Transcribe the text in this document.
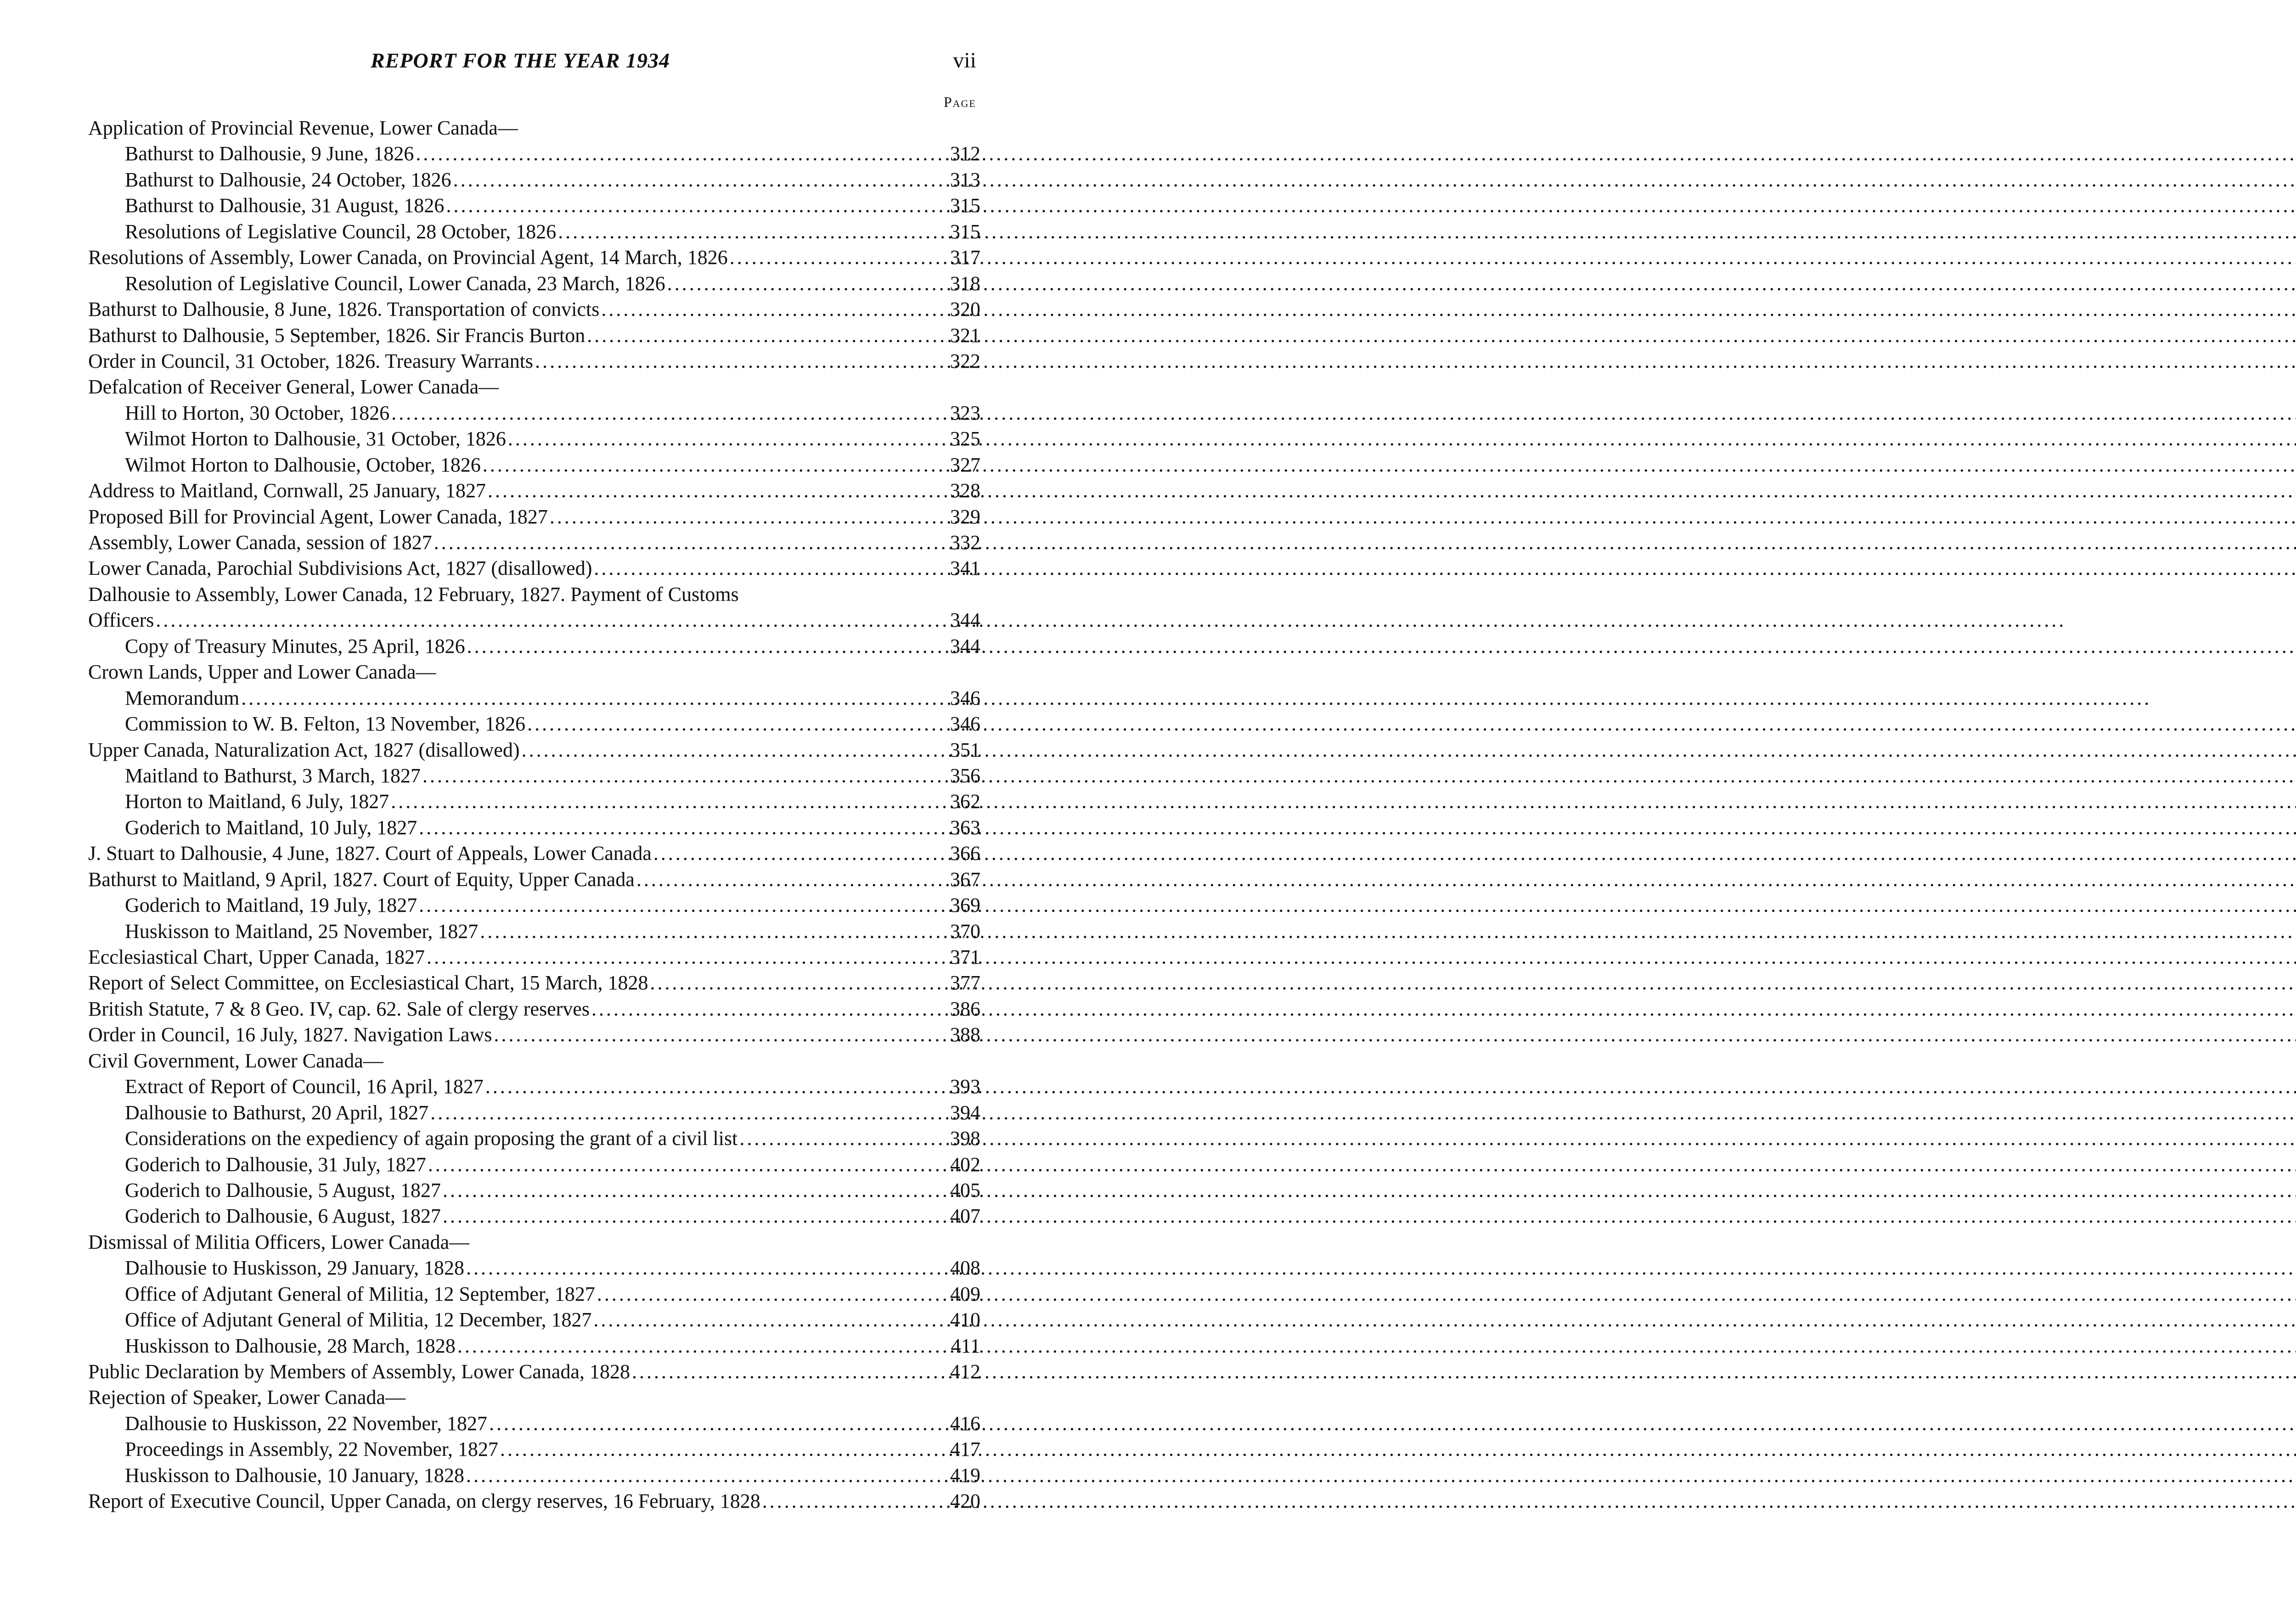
REPORT FOR THE YEAR 1934	vii
Page
Application of Provincial Revenue, Lower Canada—
Bathurst to Dalhousie, 9 June, 1826 .....	312
Bathurst to Dalhousie, 24 October, 1826 .....	313
Bathurst to Dalhousie, 31 August, 1826 .....	315
Resolutions of Legislative Council, 28 October, 1826 .....	315
Resolutions of Assembly, Lower Canada, on Provincial Agent, 14 March, 1826 .....	317
Resolution of Legislative Council, Lower Canada, 23 March, 1826 .....	318
Bathurst to Dalhousie, 8 June, 1826. Transportation of convicts .....	320
Bathurst to Dalhousie, 5 September, 1826. Sir Francis Burton .....	321
Order in Council, 31 October, 1826. Treasury Warrants .....	322
Defalcation of Receiver General, Lower Canada—
Hill to Horton, 30 October, 1826 .....	323
Wilmot Horton to Dalhousie, 31 October, 1826 .....	325
Wilmot Horton to Dalhousie, October, 1826 .....	327
Address to Maitland, Cornwall, 25 January, 1827 .....	328
Proposed Bill for Provincial Agent, Lower Canada, 1827 .....	329
Assembly, Lower Canada, session of 1827 .....	332
Lower Canada, Parochial Subdivisions Act, 1827 (disallowed) .....	341
Dalhousie to Assembly, Lower Canada, 12 February, 1827. Payment of Customs
Officers .....	344
Copy of Treasury Minutes, 25 April, 1826 .....	344
Crown Lands, Upper and Lower Canada—
Memorandum .....	346
Commission to W. B. Felton, 13 November, 1826 .....	346
Upper Canada, Naturalization Act, 1827 (disallowed) .....	351
Maitland to Bathurst, 3 March, 1827 .....	356
Horton to Maitland, 6 July, 1827 .....	362
Goderich to Maitland, 10 July, 1827 .....	363
J. Stuart to Dalhousie, 4 June, 1827. Court of Appeals, Lower Canada .....	366
Bathurst to Maitland, 9 April, 1827. Court of Equity, Upper Canada .....	367
Goderich to Maitland, 19 July, 1827 .....	369
Huskisson to Maitland, 25 November, 1827 .....	370
Ecclesiastical Chart, Upper Canada, 1827 .....	371
Report of Select Committee, on Ecclesiastical Chart, 15 March, 1828 .....	377
British Statute, 7 & 8 Geo. IV, cap. 62. Sale of clergy reserves .....	386
Order in Council, 16 July, 1827. Navigation Laws .....	388
Civil Government, Lower Canada—
Extract of Report of Council, 16 April, 1827 .....	393
Dalhousie to Bathurst, 20 April, 1827 .....	394
Considerations on the expediency of again proposing the grant of a civil list .....	398
Goderich to Dalhousie, 31 July, 1827 .....	402
Goderich to Dalhousie, 5 August, 1827 .....	405
Goderich to Dalhousie, 6 August, 1827 .....	407
Dismissal of Militia Officers, Lower Canada—
Dalhousie to Huskisson, 29 January, 1828 .....	408
Office of Adjutant General of Militia, 12 September, 1827 .....	409
Office of Adjutant General of Militia, 12 December, 1827 .....	410
Huskisson to Dalhousie, 28 March, 1828 .....	411
Public Declaration by Members of Assembly, Lower Canada, 1828 .....	412
Rejection of Speaker, Lower Canada—
Dalhousie to Huskisson, 22 November, 1827 .....	416
Proceedings in Assembly, 22 November, 1827 .....	417
Huskisson to Dalhousie, 10 January, 1828 .....	419
Report of Executive Council, Upper Canada, on clergy reserves, 16 February, 1828 .....	420
